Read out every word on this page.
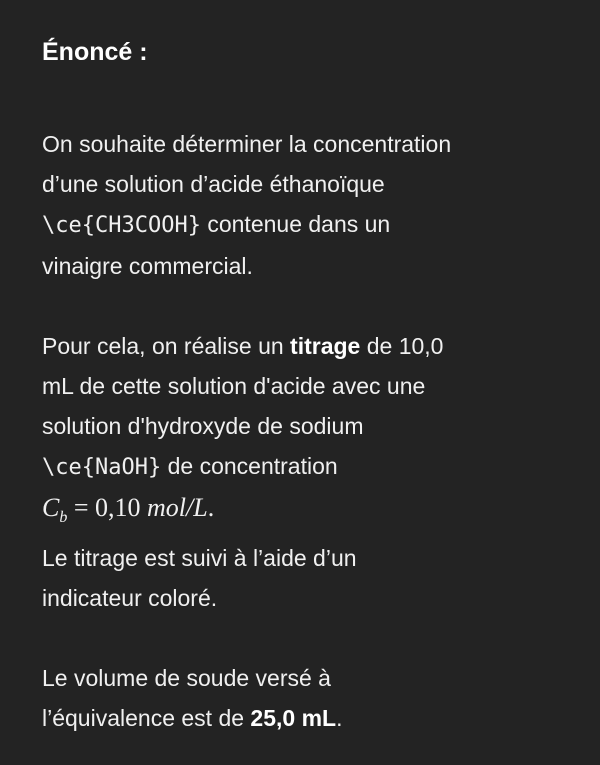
Énoncé :

On souhaite déterminer la concentration
d’une solution d’acide éthanoïque
\ce{CH3COOH} contenue dans un
vinaigre commercial.

Pour cela, on réalise un titrage de 10,0
mL de cette solution d'acide avec une
solution d'hydroxyde de sodium
\ce{NaOH} de concentration
$C_b = 0,10$ mol/L.
Le titrage est suivi à l’aide d’un
indicateur coloré.

Le volume de soude versé à
l’équivalence est de 25,0 mL.
